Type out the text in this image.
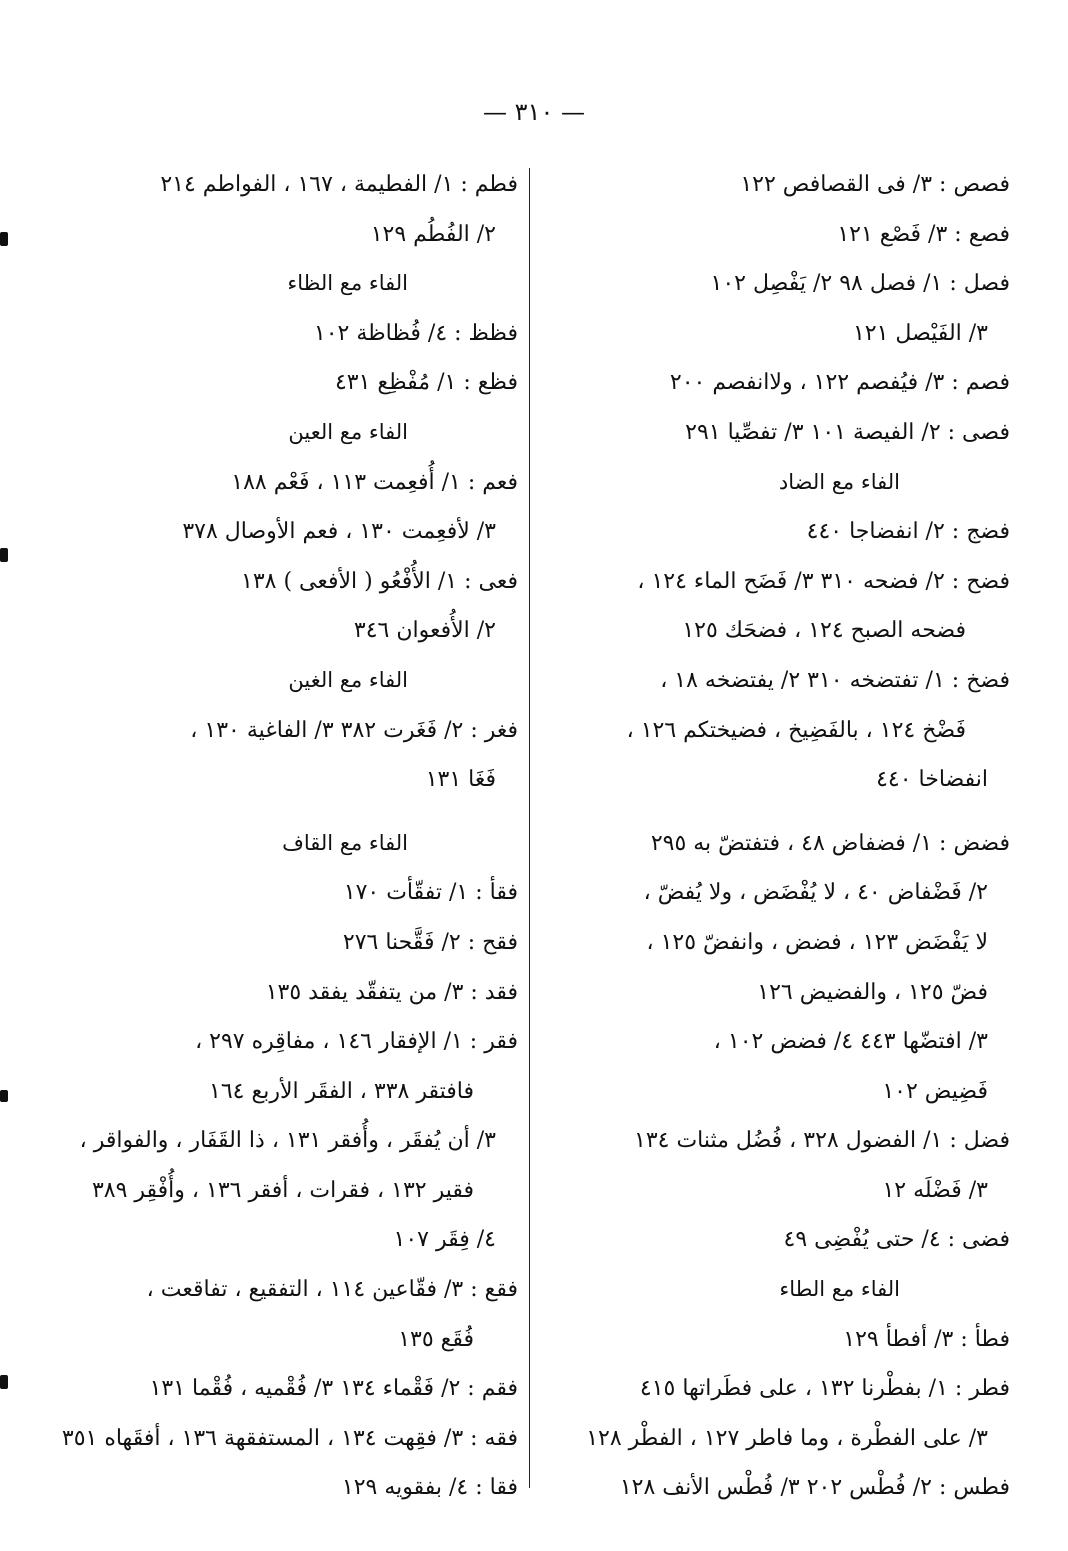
— ٣١٠ —
فصص : ٣/ فى القصافص ١٢٢
فصع : ٣/ فَصْع ١٢١
فصل : ١/ فصل ٩٨ ٢/ يَفْصِل ١٠٢
٣/ الفَيْصل ١٢١
فصم : ٣/ فيُفصم ١٢٢ ، ولاانفصم ٢٠٠
فصى : ٢/ الفيصة ١٠١ ٣/ تفصِّيا ٢٩١
الفاء مع الضاد
فضج : ٢/ انفضاجا ٤٤٠
فضح : ٢/ فضحه ٣١٠ ٣/ فَضَح الماء ١٢٤ ،
فضحه الصبح ١٢٤ ، فضحَك ١٢٥
فضخ : ١/ تفتضخه ٣١٠ ٢/ يفتضخه ١٨ ،
فَضْخ ١٢٤ ، بالفَضِيخ ، فضيختكم ١٢٦ ،
انفضاخا ٤٤٠
فضض : ١/ فضفاض ٤٨ ، فتفتضّ به ٢٩٥
٢/ فَضْفاض ٤٠ ، لا يُفْضَض ، ولا يُفضّ ،
لا يَفْضَض ١٢٣ ، فضض ، وانفضّ ١٢٥ ،
فضّ ١٢٥ ، والفضيض ١٢٦
٣/ افتضّها ٤٤٣ ٤/ فضض ١٠٢ ،
فَضِيض ١٠٢
فضل : ١/ الفضول ٣٢٨ ، فُضُل مثنات ١٣٤
٣/ فَضْلَه ١٢
فضى : ٤/ حتى يُفْضِى ٤٩
الفاء مع الطاء
فطأ : ٣/ أفطأ ١٢٩
فطر : ١/ بفطْرنا ١٣٢ ، على فطَراتها ٤١٥
٣/ على الفطْرة ، وما فاطر ١٢٧ ، الفطْر ١٢٨
فطس : ٢/ فُطْس ٢٠٢ ٣/ فُطْس الأنف ١٢٨
فطم : ١/ الفطيمة ، ١٦٧ ، الفواطم ٢١٤
٢/ الفُطُم ١٢٩
الفاء مع الظاء
فظظ : ٤/ فُظاظة ١٠٢
فظع : ١/ مُفْظِع ٤٣١
الفاء مع العين
فعم : ١/ أُفعِمت ١١٣ ، فَعْم ١٨٨
٣/ لأفعِمت ١٣٠ ، فعم الأوصال ٣٧٨
فعى : ١/ الأُفْعُو ( الأفعى ) ١٣٨
٢/ الأُفعوان ٣٤٦
الفاء مع الغين
فغر : ٢/ فَغَرت ٣٨٢ ٣/ الفاغية ١٣٠ ،
فَغَا ١٣١
الفاء مع القاف
فقأ : ١/ تفقّأت ١٧٠
فقح : ٢/ فَقَّحنا ٢٧٦
فقد : ٣/ من يتفقّد يفقد ١٣٥
فقر : ١/ الإفقار ١٤٦ ، مفاقِره ٢٩٧ ،
فافتقر ٣٣٨ ، الفقَر الأربع ١٦٤
٣/ أن يُفقَر ، وأُفقر ١٣١ ، ذا القَفَار ، والفواقر ،
فقير ١٣٢ ، فقرات ، أفقر ١٣٦ ، وأُفْقِر ٣٨٩
٤/ فِقَر ١٠٧
فقع : ٣/ فقّاعين ١١٤ ، التفقيع ، تفاقعت ،
فُقَع ١٣٥
فقم : ٢/ فَقْماء ١٣٤ ٣/ فُقْميه ، فُقْما ١٣١
فقه : ٣/ فقِهت ١٣٤ ، المستفقهة ١٣٦ ، أفقَهاه ٣٥١
فقا : ٤/ بفقويه ١٢٩
